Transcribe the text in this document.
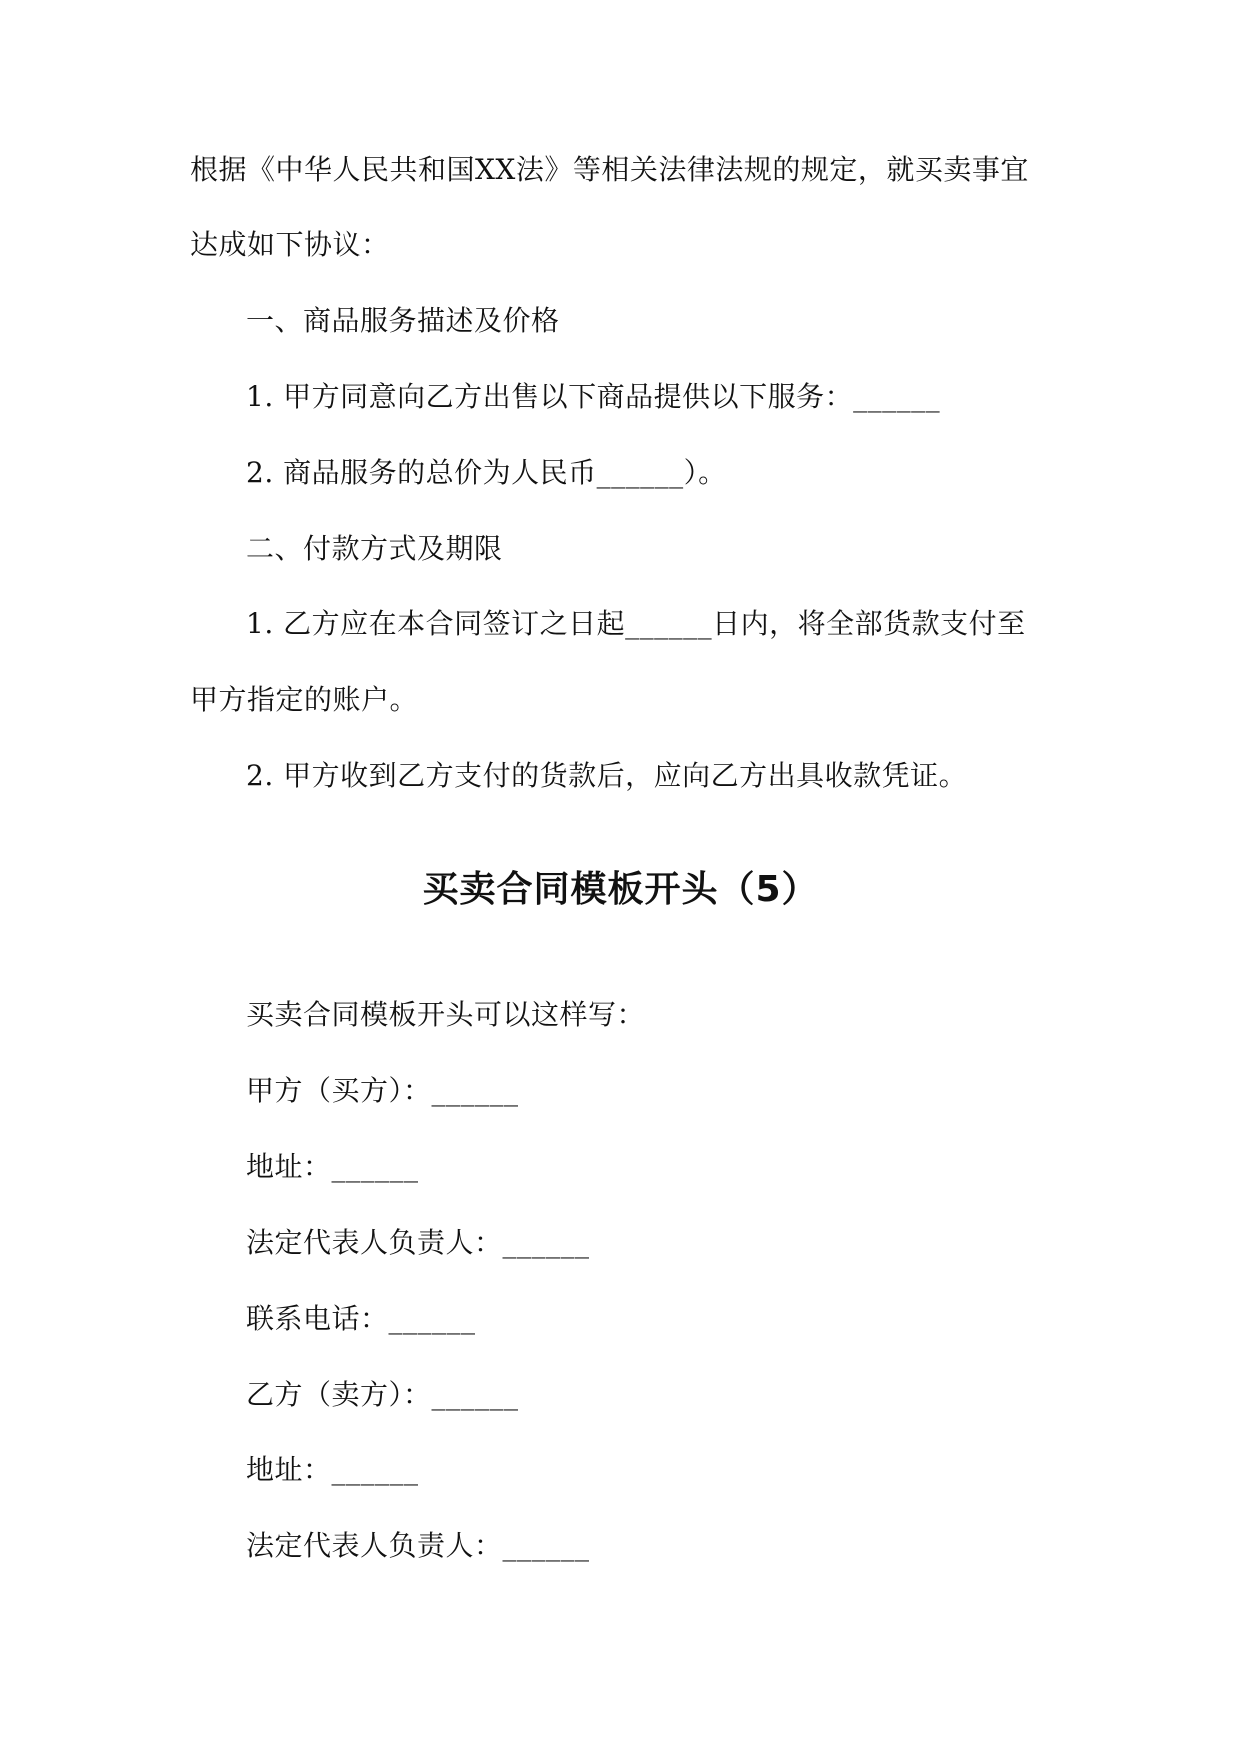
根据《中华人民共和国XX法》等相关法律法规的规定，就买卖事宜
达成如下协议：
一、商品服务描述及价格
1. 甲方同意向乙方出售以下商品提供以下服务：______
2. 商品服务的总价为人民币______）。
二、付款方式及期限
1. 乙方应在本合同签订之日起______日内，将全部货款支付至
甲方指定的账户。
2. 甲方收到乙方支付的货款后，应向乙方出具收款凭证。
买卖合同模板开头（5）
买卖合同模板开头可以这样写：
甲方（买方）：______
地址：______
法定代表人负责人：______
联系电话：______
乙方（卖方）：______
地址：______
法定代表人负责人：______
